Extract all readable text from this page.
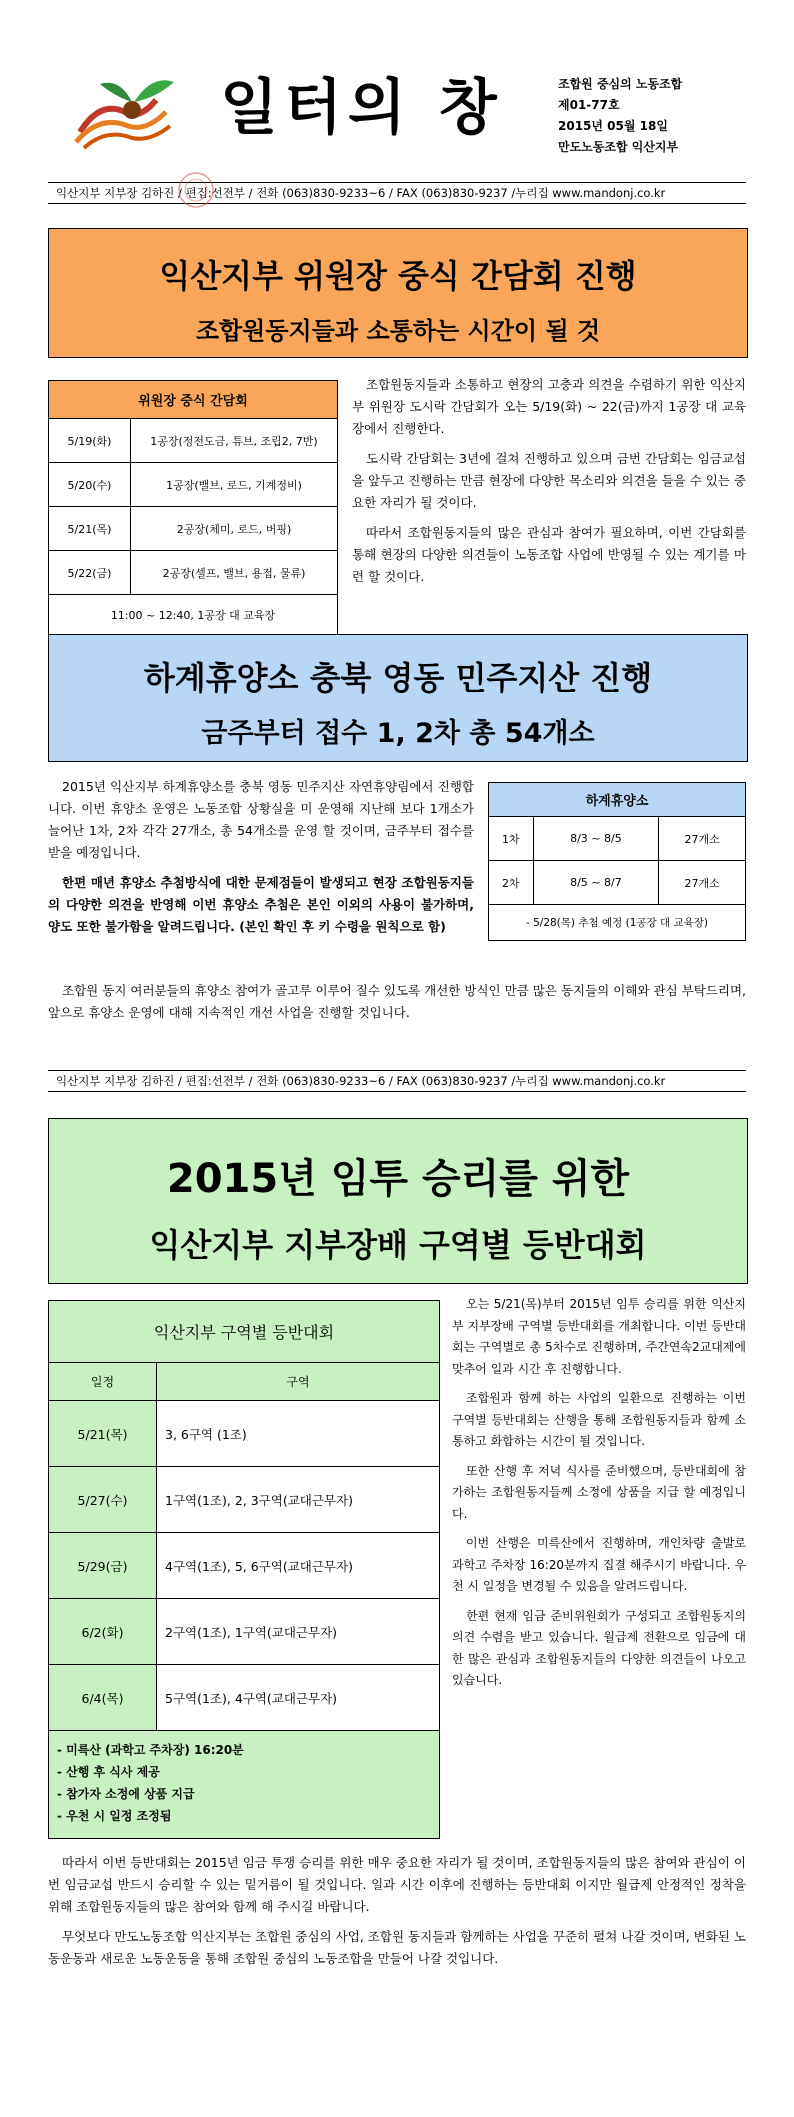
일터의 창	조합원 중심의 노동조합
제01-77호
2015년 05월 18일
만도노동조합 익산지부
익산지부 지부장 김하진 / 편집:선전부 / 전화 (063)830-9233~6 / FAX (063)830-9237 /누리집 www.mandonj.co.kr
익산지부 위원장 중식 간담회 진행
조합원동지들과 소통하는 시간이 될 것
위원장 중식 간담회	
5/19(화)	1공장(정전도금, 튜브, 조립2, 7반)
5/20(수)	1공장(밸브, 로드, 기계정비)
5/21(목)	2공장(체미, 로드, 버핑)
5/22(금)	2공장(셀프, 밸브, 용접, 물류)
11:00 ~ 12:40, 1공장 대 교육장	

조합원동지들과 소통하고 현장의 고충과 의견을 수렴하기 위한 익산지부 위원장 도시락 간담회가 오는 5/19(화) ~ 22(금)까지 1공장 대 교육장에서 진행한다.

도시락 간담회는 3년에 걸쳐 진행하고 있으며 금번 간담회는 임금교섭을 앞두고 진행하는 만큼 현장에 다양한 목소리와 의견을 들을 수 있는 중요한 자리가 될 것이다.

따라서 조합원동지들의 많은 관심과 참여가 필요하며, 이번 간담회를 통해 현장의 다양한 의견들이 노동조합 사업에 반영될 수 있는 계기를 마련 할 것이다.

하계휴양소 충북 영동 민주지산 진행
금주부터 접수 1, 2차 총 54개소

2015년 익산지부 하계휴양소를 충북 영동 민주지산 자연휴양림에서 진행합니다. 이번 휴양소 운영은 노동조합 상황실을 미 운영해 지난해 보다 1개소가 늘어난 1차, 2차 각각 27개소, 총 54개소를 운영 할 것이며, 금주부터 접수를 받을 예정입니다.

한편 매년 휴양소 추첨방식에 대한 문제점들이 발생되고 현장 조합원동지들의 다양한 의견을 반영해 이번 휴양소 추첨은 본인 이외의 사용이 불가하며, 양도 또한 불가함을 알려드립니다. (본인 확인 후 키 수령을 원칙으로 함)

하계휴양소		
1차	8/3 ~ 8/5	27개소
2차	8/5 ~ 8/7	27개소
- 5/28(목) 추첨 예정 (1공장 대 교육장)		

조합원 동지 여러분들의 휴양소 참여가 골고루 이루어 질수 있도록 개선한 방식인 만큼 많은 동지들의 이해와 관심 부탁드리며, 앞으로 휴양소 운영에 대해 지속적인 개선 사업을 진행할 것입니다.

익산지부 지부장 김하진 / 편집:선전부 / 전화 (063)830-9233~6 / FAX (063)830-9237 /누리집 www.mandonj.co.kr
2015년 임투 승리를 위한
익산지부 지부장배 구역별 등반대회
익산지부 구역별 등반대회	
일정	구역
5/21(목)	3, 6구역 (1조)
5/27(수)	1구역(1조), 2, 3구역(교대근무자)
5/29(금)	4구역(1조), 5, 6구역(교대근무자)
6/2(화)	2구역(1조), 1구역(교대근무자)
6/4(목)	5구역(1조), 4구역(교대근무자)

- 미륵산 (과학고 주차장) 16:20분
- 산행 후 식사 제공
- 참가자 소정에 상품 지급
- 우천 시 일정 조정됨	

오는 5/21(목)부터 2015년 임투 승리를 위한 익산지부 지부장배 구역별 등반대회를 개최합니다. 이번 등반대회는 구역별로 총 5차수로 진행하며, 주간연속2교대제에 맞추어 일과 시간 후 진행합니다.

조합원과 함께 하는 사업의 일환으로 진행하는 이번 구역별 등반대회는 산행을 통해 조합원동지들과 함께 소통하고 화합하는 시간이 될 것입니다.

또한 산행 후 저녁 식사를 준비했으며, 등반대회에 참가하는 조합원동지들께 소정에 상품을 지급 할 예정입니다.

이번 산행은 미륵산에서 진행하며, 개인차량 출발로 과학고 주차장 16:20분까지 집결 해주시기 바랍니다. 우천 시 일정을 변경될 수 있음을 알려드립니다.

한편 현재 임금 준비위원회가 구성되고 조합원동지의 의견 수렴을 받고 있습니다. 월급제 전환으로 임금에 대한 많은 관심과 조합원동지들의 다양한 의견들이 나오고 있습니다.

따라서 이번 등반대회는 2015년 임금 투쟁 승리를 위한 매우 중요한 자리가 될 것이며, 조합원동지들의 많은 참여와 관심이 이번 임금교섭 반드시 승리할 수 있는 밑거름이 될 것입니다. 일과 시간 이후에 진행하는 등반대회 이지만 월급제 안정적인 정착을 위해 조합원동지들의 많은 참여와 함께 해 주시길 바랍니다.

무엇보다 만도노동조합 익산지부는 조합원 중심의 사업, 조합원 동지들과 함께하는 사업을 꾸준히 펼쳐 나갈 것이며, 변화된 노동운동과 새로운 노동운동을 통해 조합원 중심의 노동조합을 만들어 나갈 것입니다.
